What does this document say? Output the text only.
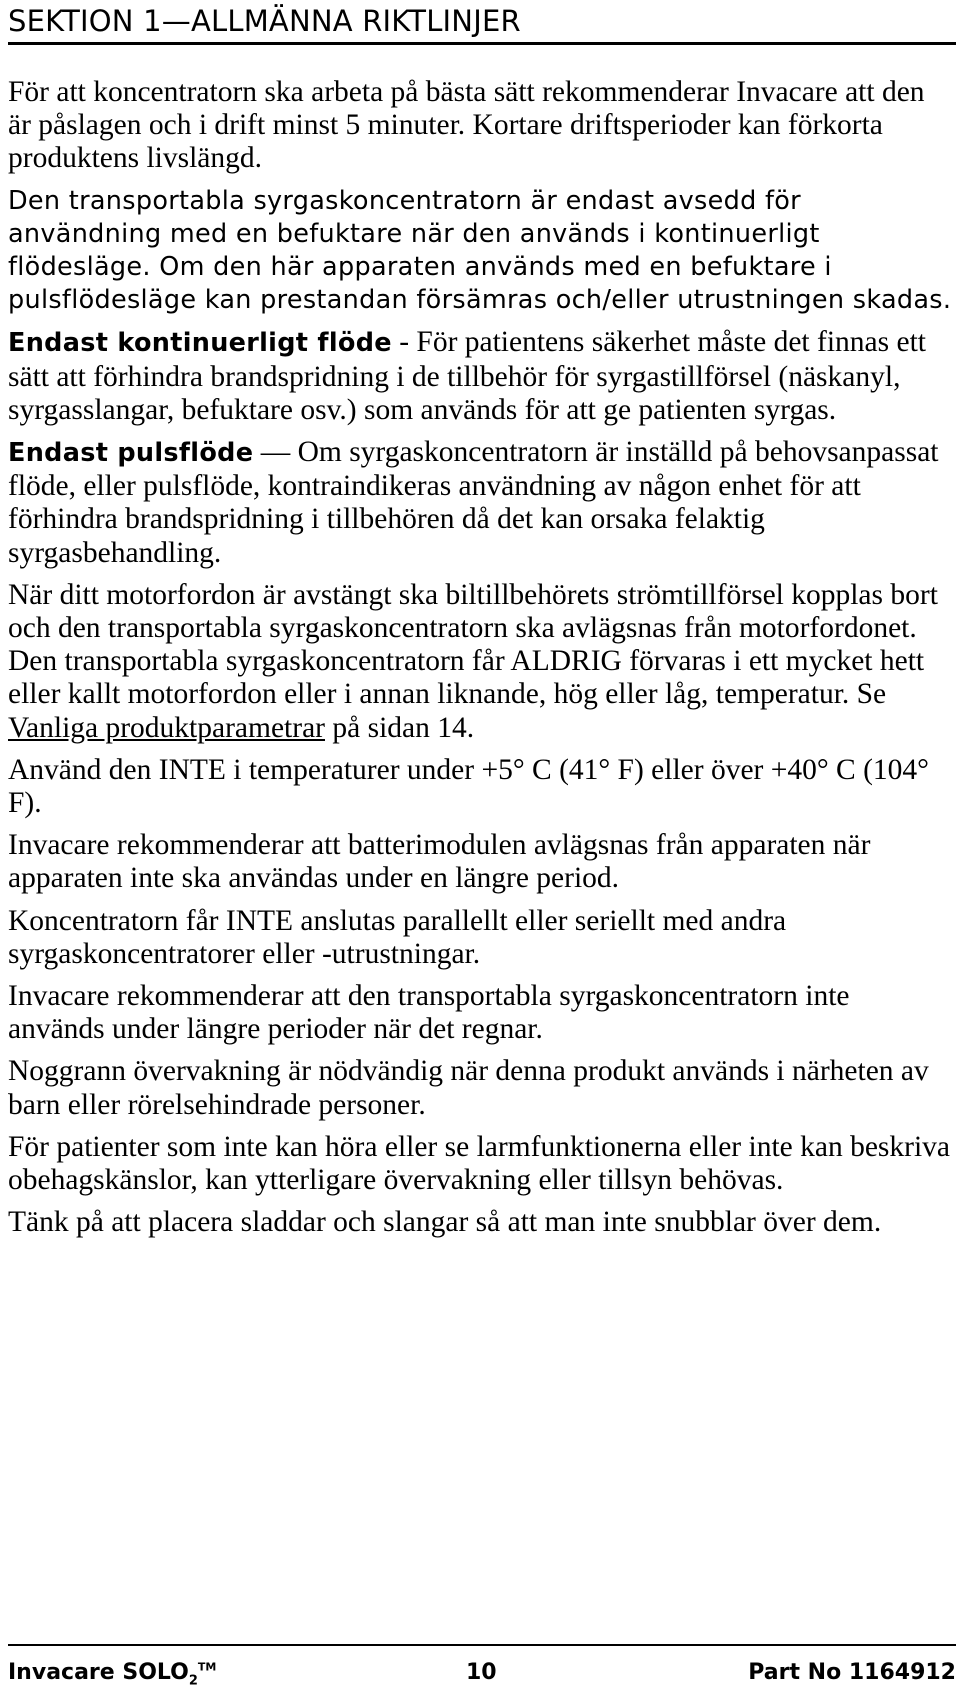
SEKTION 1—ALLMÄNNA RIKTLINJER

För att koncentratorn ska arbeta på bästa sätt rekommenderar Invacare att den är påslagen och i drift minst 5 minuter. Kortare driftsperioder kan förkorta produktens livslängd.

Den transportabla syrgaskoncentratorn är endast avsedd för användning med en befuktare när den används i kontinuerligt flödesläge. Om den här apparaten används med en befuktare i pulsflödesläge kan prestandan försämras och/eller utrustningen skadas.

Endast kontinuerligt flöde - För patientens säkerhet måste det finnas ett sätt att förhindra brandspridning i de tillbehör för syrgastillförsel (näskanyl, syrgasslangar, befuktare osv.) som används för att ge patienten syrgas.

Endast pulsflöde — Om syrgaskoncentratorn är inställd på behovsanpassat flöde, eller pulsflöde, kontraindikeras användning av någon enhet för att förhindra brandspridning i tillbehören då det kan orsaka felaktig syrgasbehandling.

När ditt motorfordon är avstängt ska biltillbehörets strömtillförsel kopplas bort och den transportabla syrgaskoncentratorn ska avlägsnas från motorfordonet. Den transportabla syrgaskoncentratorn får ALDRIG förvaras i ett mycket hett eller kallt motorfordon eller i annan liknande, hög eller låg, temperatur. Se Vanliga produktparametrar på sidan 14.

Använd den INTE i temperaturer under +5° C (41° F) eller över +40° C (104° F).

Invacare rekommenderar att batterimodulen avlägsnas från apparaten när apparaten inte ska användas under en längre period.

Koncentratorn får INTE anslutas parallellt eller seriellt med andra syrgaskoncentratorer eller -utrustningar.

Invacare rekommenderar att den transportabla syrgaskoncentratorn inte används under längre perioder när det regnar.

Noggrann övervakning är nödvändig när denna produkt används i närheten av barn eller rörelsehindrade personer.

För patienter som inte kan höra eller se larmfunktionerna eller inte kan beskriva obehagskänslor, kan ytterligare övervakning eller tillsyn behövas.

Tänk på att placera sladdar och slangar så att man inte snubblar över dem.

Invacare $SOLO_2™$	10	Part No 1164912
